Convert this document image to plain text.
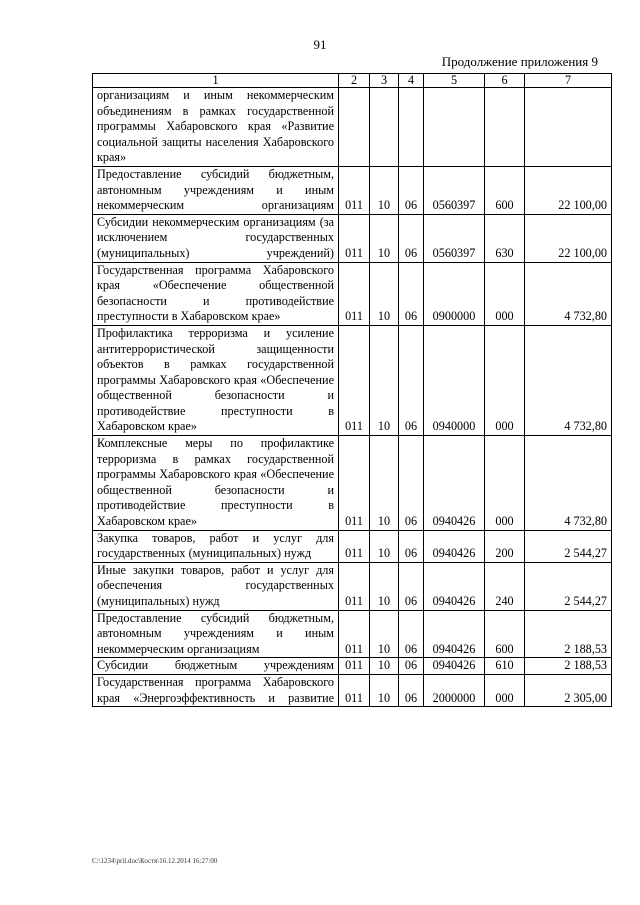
91
Продолжение приложения 9
1	2	3	4	5	6	7
организациям и иным некоммерческим объединениям в рамках государственной программы Хабаровского края «Развитие социальной защиты населения Хабаровского края»						
Предоставление субсидий бюджетным, автономным учреждениям и иным некоммерческим организациям	011	10	06	0560397	600	22 100,00
Субсидии некоммерческим организациям (за исключением государственных (муниципальных) учреждений)	011	10	06	0560397	630	22 100,00
Государственная программа Хабаровского края «Обеспечение общественной безопасности и противодействие преступности в Хабаровском крае»	011	10	06	0900000	000	4 732,80
Профилактика терроризма и усиление антитеррористической защищенности объектов в рамках государственной программы Хабаровского края «Обеспечение общественной безопасности и противодействие преступности в Хабаровском крае»	011	10	06	0940000	000	4 732,80
Комплексные меры по профилактике терроризма в рамках государственной программы Хабаровского края «Обеспечение общественной безопасности и противодействие преступности в Хабаровском крае»	011	10	06	0940426	000	4 732,80
Закупка товаров, работ и услуг для государственных (муниципальных) нужд	011	10	06	0940426	200	2 544,27
Иные закупки товаров, работ и услуг для обеспечения государственных (муниципальных) нужд	011	10	06	0940426	240	2 544,27
Предоставление субсидий бюджетным, автономным учреждениям и иным некоммерческим организациям	011	10	06	0940426	600	2 188,53
Субсидии бюджетным учреждениям	011	10	06	0940426	610	2 188,53
Государственная программа Хабаровского края «Энергоэффективность и развитие	011	10	06	2000000	000	2 305,00
C:\1234\pril.doc\Костя\16.12.2014 16:27:00
